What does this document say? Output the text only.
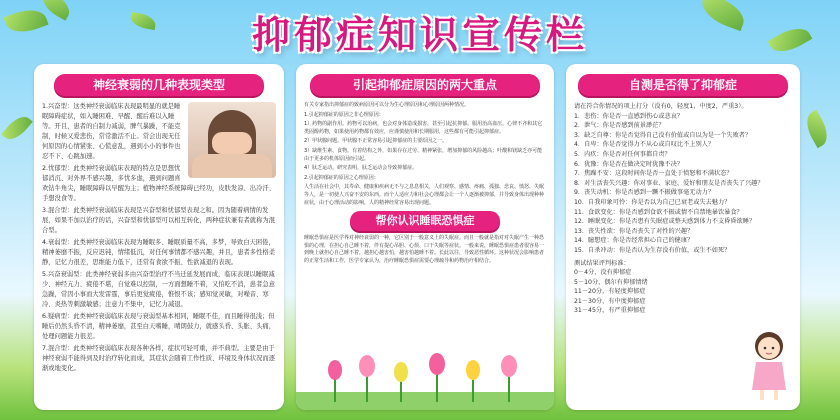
抑郁症知识宣传栏
神经衰弱的几种表现类型

1.兴奋型：这类神经衰弱临床表现最明显的就是睡眠障碍症状，如入睡困难、早醒、醒后难以入睡等。开且，患者的自制力减弱，脾气暴躁，不能克制，时候又爱悲伤，常常激活不止。常会出现无任何原因的心情紧张、心慌意乱，遇到小小的事件也忍不下、心跳加速。

2.忧郁型：此类神经衰弱临床表现的特点是思想忧郁消沉、对外界不感兴趣，多忧多虑，遇到问题喜欢钻牛角尖，睡眠障碍以早醒为主；植物神经系统障碍已经功，皮肤发凉、出冷汗、手想没食等。

3.混合型：此类神经衰弱临床表现是兴奋型和忧郁型表现之和。因为随着病情的发展，如果不加以治疗的话，兴奋型和忧郁型可以相互转化，两种症状兼有者就称为混合型。

4.衰弱型：此类神经衰弱临床表现为睡眠多、睡眠质量不高，多梦，导致白天困倦，精神萎靡不振，反应迟钝，情绪低沉，对任何事情都不感兴趣，并且，患者多性格柔静，记忆力很差，思维能力低下，还常有食欲不振、性欲减退的表现。

5.兴奋衰弱型：此类神经衰弱多由兴奋型治疗不当迁延发展而成，临床表现以睡眠减少、神经亢力、疲倦不堪，自觉难以控制，一方面想睡不着，又怕吃不消，患者急意急躁，常因小事而大发雷霆，事后更觉疲倦，惟恨不该；感知觉灵敏，对噪音、寒冷、炎热等刺激敏感；注意力不集中，记忆力减退。

6.疑病型：此类神经衰弱临床表现与衰弱型基本相同，睡眠不佳，而且睡得很浅；但睡后仍然头昏不清，精神萎靡，甚至白天嗜睡，晴朗鼓力，就感头昏、头胀、头痛，处理问题能力很差。

7.混合型：此类神经衰弱临床表现各种各样，症状可轻可重，并不典型。主要是由于神经衰弱不能得到及时治疗转化而成，其症状会随着工作性质、环境及身体状况而逐渐或地变化。

引起抑郁症原因的两大重点

有关专家指出抑郁症的致病原因可以分为生心理原因和心理原因两种情况。

1.引起抑郁症的原因之非心理原因：

1）药物的副作用。药物可以治病，也会对身体造成损害，甚至引起抗抑郁。服用治高血压、心律不齐和其它类固醇药物，如果使用药物都有效应，应谨慎使用和长期服用，这些都有可能引起抑郁症。

2）甲状腺问题。甲状腺不正常容易引起抑郁症的主要原因之一。

3）缺维生素、食物。有着结构之外，如果存在过劳、精神紧张，增加抑郁的风险越高；叶酸和镁缺乏亦可能由于更多的机体原因而引起。

4）肽乏运动。研究表明，肽乏运动会导致抑郁症。

2.引起抑郁症的原因之心理原因：

人生活在社会中，其寿命、健康和疾病无不与之息息相关，人们观察、感情、疼痛、孤独、悲哀、愤怒、失眠等人，是一切使人兴奋不安的东西。而个人适应力和社会心理都会让一个人逐渐被抑郁，并导致身体出现种种症状，由于心理活动的影响，人的精神经常容易出现问题。

帮你认识睡眠恐惧症

睡眠恐惧症是医学界对神经衰弱的一种，它区别于一般意义上的失眠症。而且一般就是指对对失眠产生一种恐惧的心理，在担心自己睡不着，伴有提心吊胆、心烦、口干失眠等症状。一般来说，睡眠恐惧症患者很容易一到晚上就担心自己睡不着，越担心越害怕，越害怕越睡不着。长此以往，导致恶性循环。这种状况会影响患者的正常生活和工作，医学专家认为，治疗睡眠恐惧症需要心理疏导和药物治疗相结合。

自测是否得了抑郁症

请在符合你情况的项上打分（没有0，轻度1，中度2，严重3）。

1．悲伤：你是否一直感到伤心或悲哀？

2．泄气：你是否感到前景渺茫？

3．缺乏自尊：你是否觉得自己没有价值或自以为是一个失败者？

4．自卑：你是否觉得力不从心或自叹比不上别人？

5．内疚：你是否对任何事都自责？

6．犹豫：你是否在做决定时犹豫不决？

7．焦躁不安：这段时间你是否一直处于愤怒和不满状态？

8．对生活丧失兴趣：你对事业、家庭、爱好和朋友是否丧失了兴趣？

9．丧失动机：你是否感到一蹶不振做事毫无动力？

10．自我印象可怜：你是否以为自己已衰老或失去魅力？

11．食欲变化：你是否感到食欲不振或情不自禁地暴饮暴食？

12．睡眠变化：你是否患有失眠症或整天感到体力不支昏昏欲睡？

13．丧失性欲：你是否丧失了对性的兴趣？

14．臆想症：你是否经常担心自己的健康？

15．自杀冲动：你是否认为生存没有价值，或生不如死？

测试结果评判标准：

0－4分，没有抑郁症

5－10分，偶尔有抑郁情绪

11－20分，有轻度抑郁症

21－30分，有中度抑郁症

31－45分，有严重抑郁症
